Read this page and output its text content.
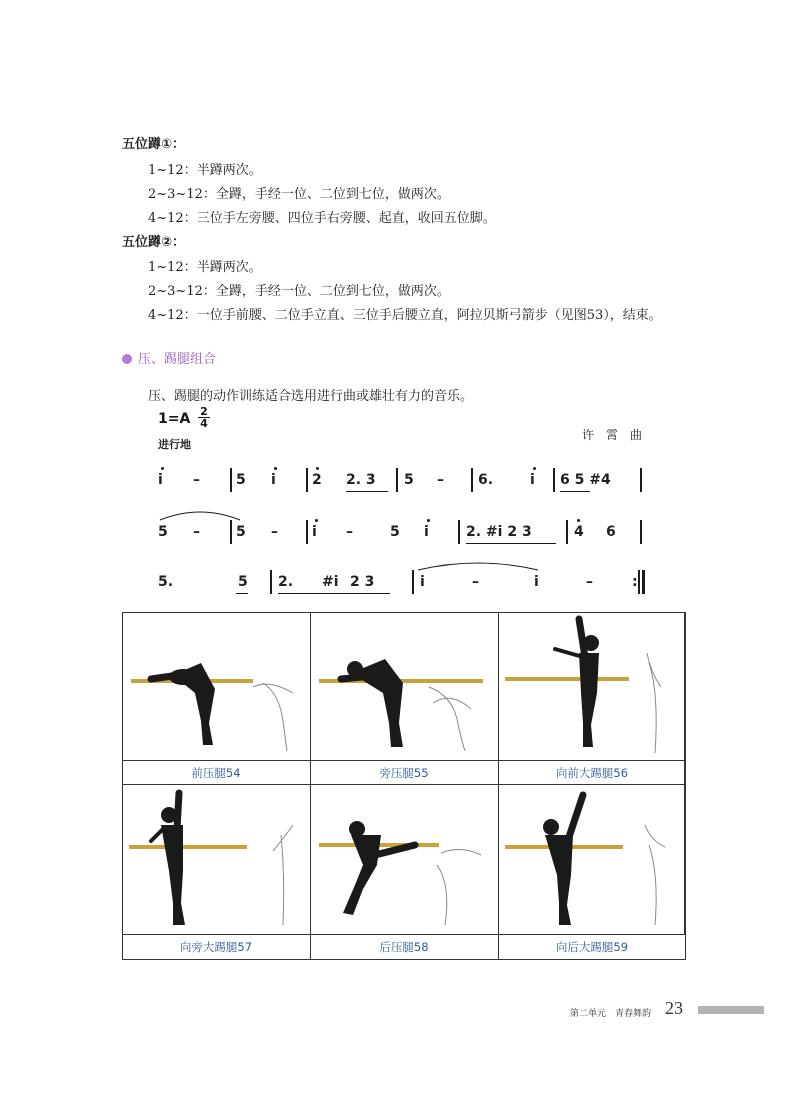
五位蹲①：
1~12：半蹲两次。
2~3~12：全蹲，手经一位、二位到七位，做两次。
4~12：三位手左旁腰、四位手右旁腰、起直，收回五位脚。
五位蹲②：
1~12：半蹲两次。
2~3~12：全蹲，手经一位、二位到七位，做两次。
4~12：一位手前腰、二位手立直、三位手后腰立直，阿拉贝斯弓箭步（见图53），结束。
压、踢腿组合
压、踢腿的动作训练适合选用进行曲或雄壮有力的音乐。
1=A 2
4
进行地
许　霄　曲
i –	5 i	2 2. 3 5 – 6.	i 6 5 #4
5 –	5 – i –	5 i	2. #i 2 3	4 6
5.	5 2. #i 2 3	i	–	i	–	:
前压腿54	旁压腿55	向前大踢腿56
向旁大踢腿57	后压腿58	向后大踢腿59
第二单元　青春舞韵 23
